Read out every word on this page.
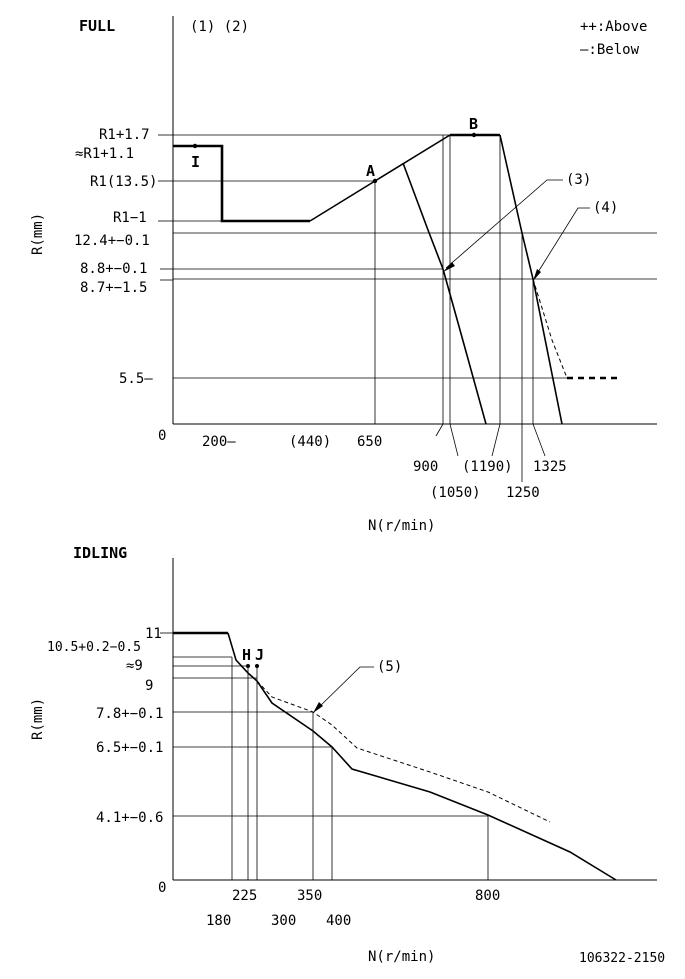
FULL	(1) (2)	++:Above
—:Below
R(mm)
0
A
B
I
(3)
(4)
R1+1.7
≈R1+1.1
R1(13.5)
R1−1
12.4+−0.1
8.8+−0.1
8.7+−1.5
5.5—
200—	(440) 650
900
(1050)
(1190)
1250
1325
N(r/min)
IDLING
R(mm)
0
H J
(5)
11
10.5+0.2−0.5
≈9
9
7.8+−0.1
6.5+−0.1
4.1+−0.6
180
225
300
350
400
800
N(r/min)	106322-2150
